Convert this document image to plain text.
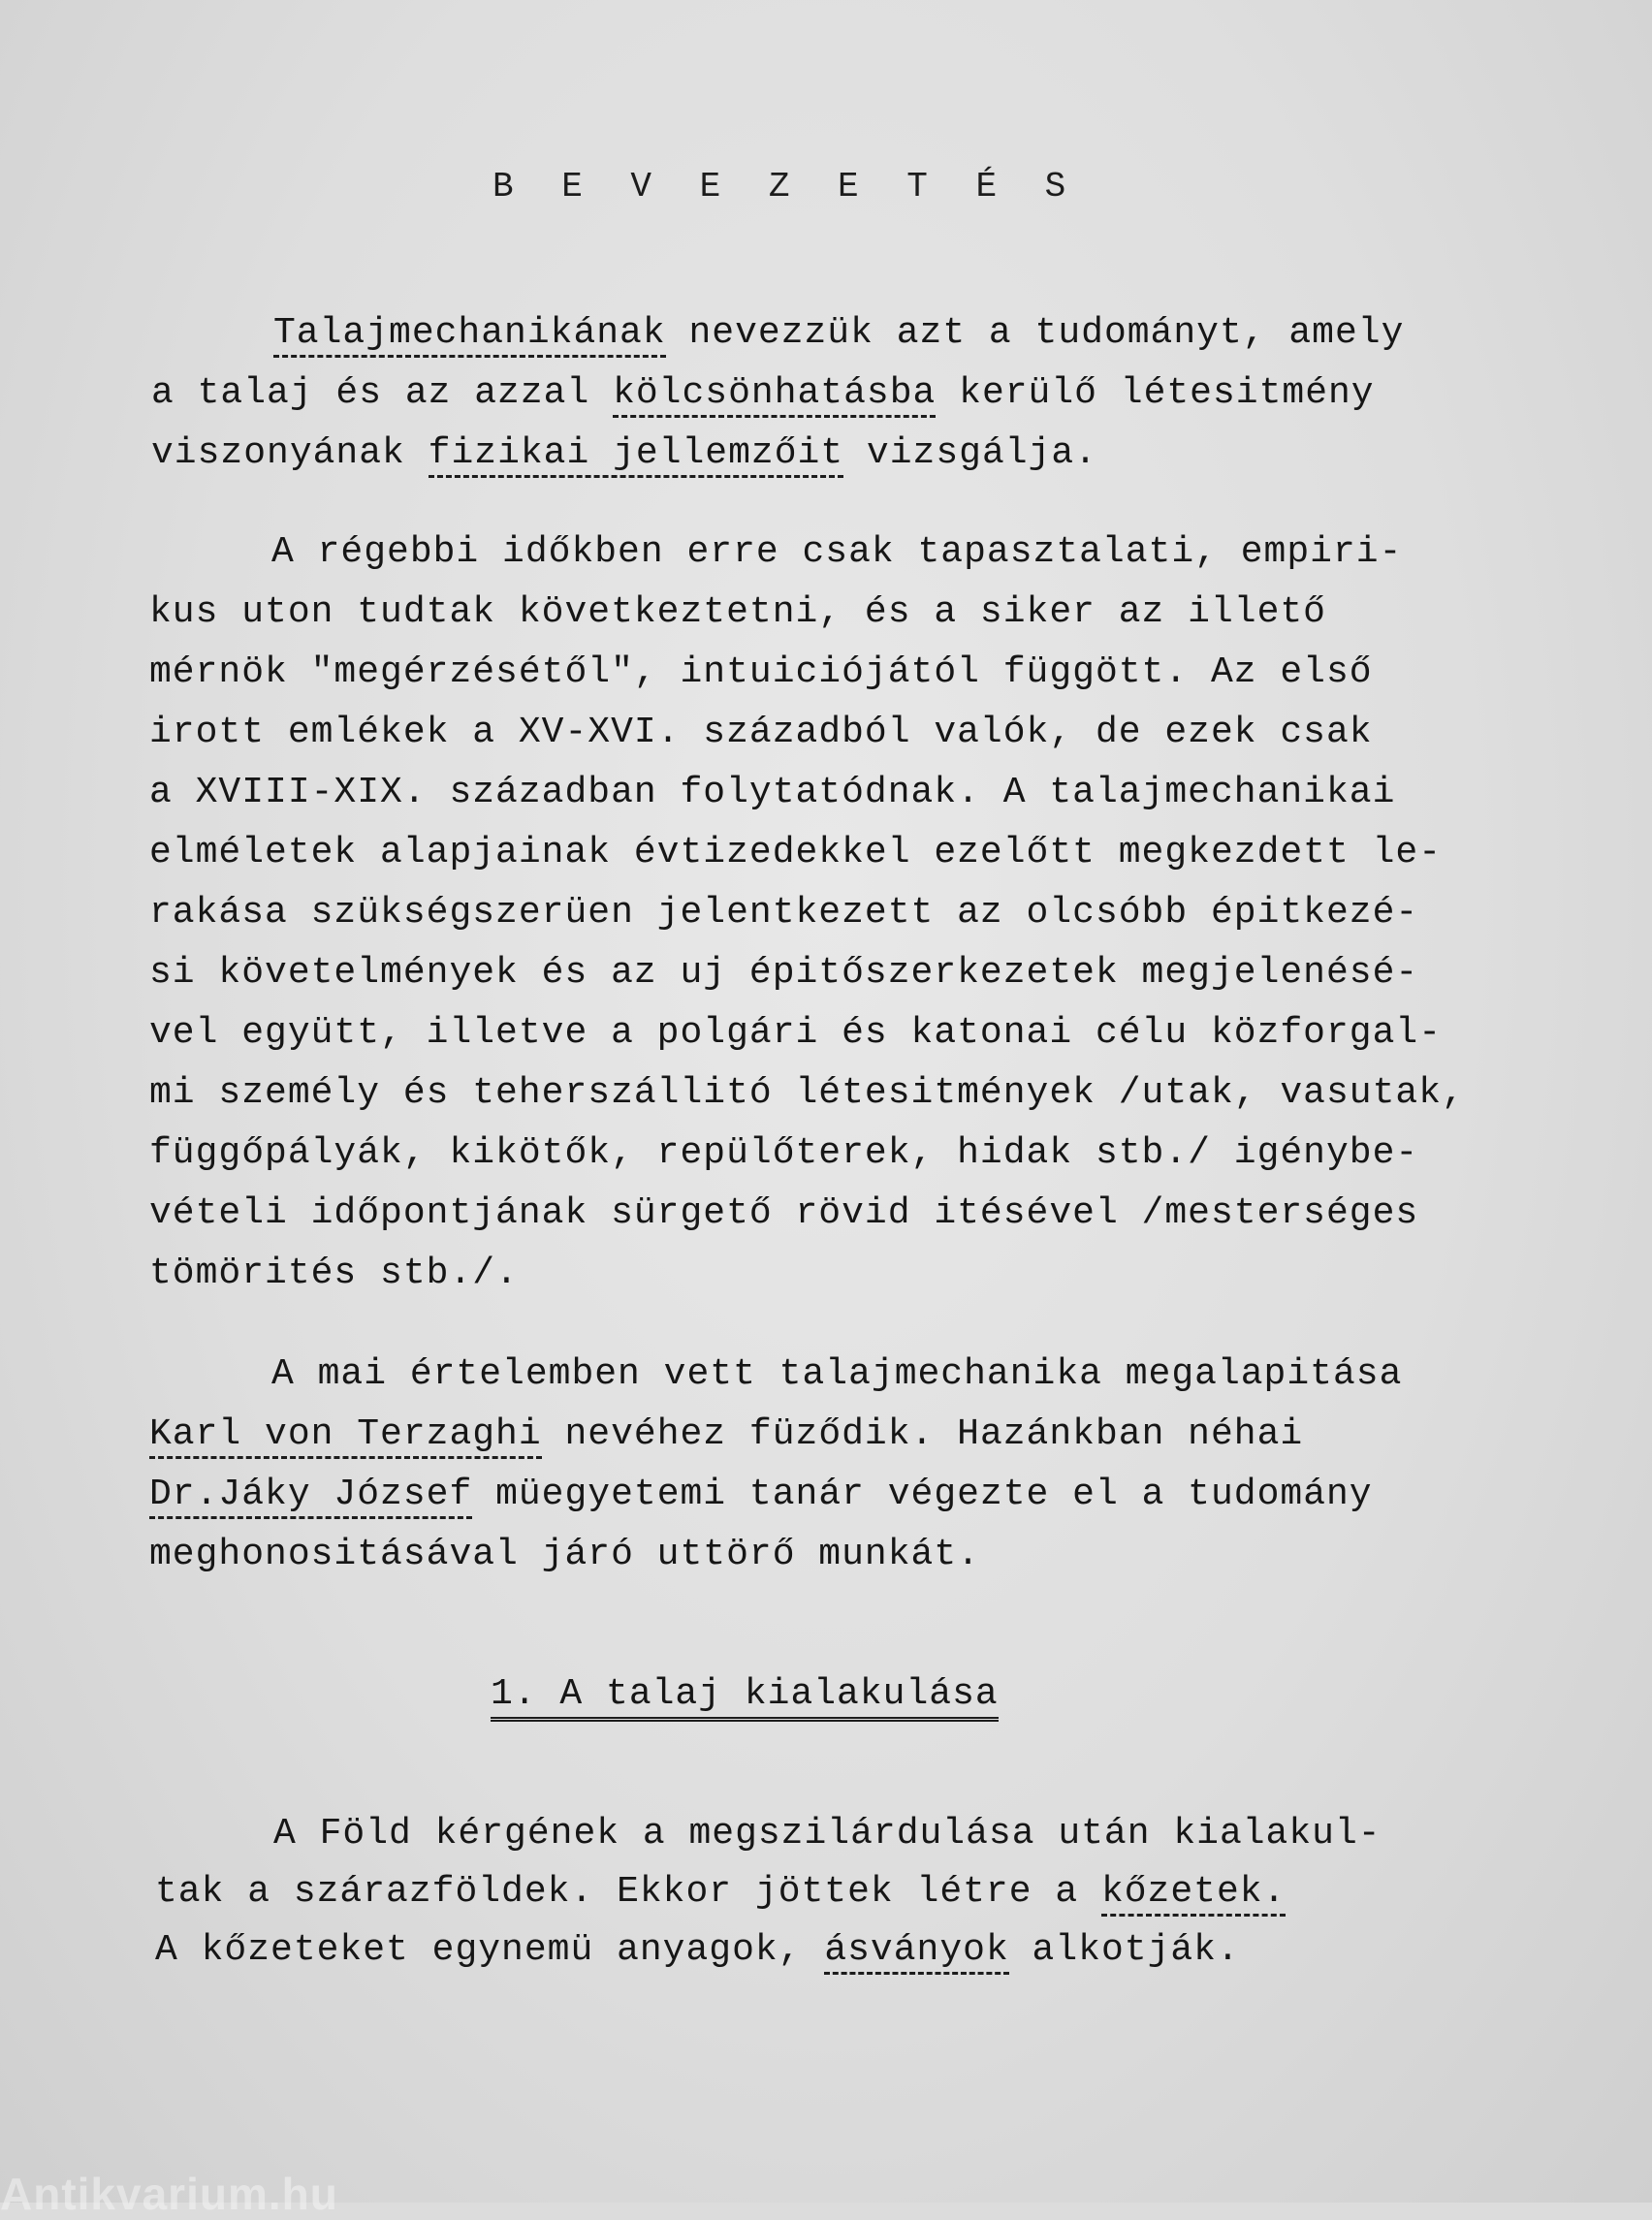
B E V E Z E T É S
Talajmechanikának nevezzük azt a tudományt, amely
a talaj és az azzal kölcsönhatásba kerülő létesitmény
viszonyának fizikai jellemzőit vizsgálja.
A régebbi időkben erre csak tapasztalati, empiri-
kus uton tudtak következtetni, és a siker az illető
mérnök "megérzésétől", intuiciójától függött. Az első
irott emlékek a XV-XVI. századból valók, de ezek csak
a XVIII-XIX. században folytatódnak. A talajmechanikai
elméletek alapjainak évtizedekkel ezelőtt megkezdett le-
rakása szükségszerüen jelentkezett az olcsóbb épitkezé-
si követelmények és az uj épitőszerkezetek megjelenésé-
vel együtt, illetve a polgári és katonai célu közforgal-
mi személy és teherszállitó létesitmények /utak, vasutak,
függőpályák, kikötők, repülőterek, hidak stb./ igénybe-
vételi időpontjának sürgető rövid itésével /mesterséges
tömörités stb./.
A mai értelemben vett talajmechanika megalapitása
Karl von Terzaghi nevéhez füződik. Hazánkban néhai
Dr.Jáky József müegyetemi tanár végezte el a tudomány
meghonositásával járó uttörő munkát.
1. A talaj kialakulása
A Föld kérgének a megszilárdulása után kialakul-
tak a szárazföldek. Ekkor jöttek létre a kőzetek.
A kőzeteket egynemü anyagok, ásványok alkotják.
Antikvarium.hu
